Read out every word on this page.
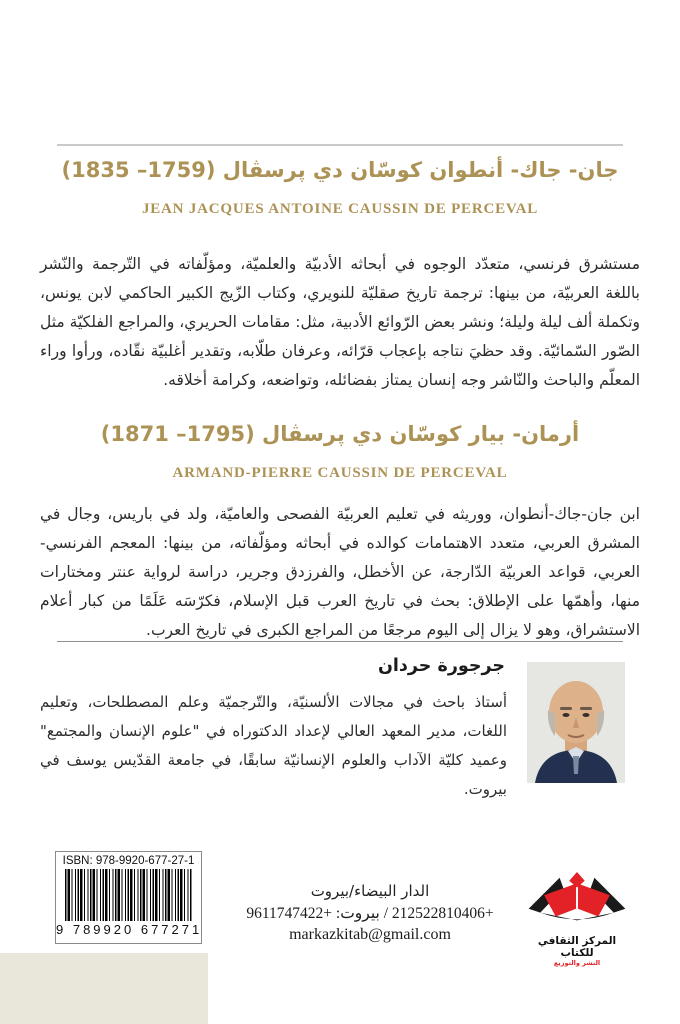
جان- جاك- أنطوان كوسّان دي پرسڤال (1759– 1835)
JEAN JACQUES ANTOINE CAUSSIN DE PERCEVAL
مستشرق فرنسي، متعدّد الوجوه في أبحاثه الأدبيّة والعلميّة، ومؤلّفاته في التّرجمة والنّشر باللغة العربيّة، من بينها: ترجمة تاريخ صقليّة للنويري، وكتاب الزّيج الكبير الحاكمي لابن يونس، وتكملة ألف ليلة وليلة؛ ونشر بعض الرّوائع الأدبية، مثل: مقامات الحريري، والمراجع الفلكيّة مثل الصّور السّمائيّة. وقد حظيَ نتاجه بإعجاب قرّائه، وعرفان طلّابه، وتقدير أغلبيّة نقّاده، ورأوا وراء المعلّم والباحث والنّاشر وجه إنسان يمتاز بفضائله، وتواضعه، وكرامة أخلاقه.
أرمان- بيار كوسّان دي پرسڤال (1795– 1871)
ARMAND-PIERRE CAUSSIN DE PERCEVAL
ابن جان-جاك-أنطوان، ووريثه في تعليم العربيّة الفصحى والعاميّة، ولد في باريس، وجال في المشرق العربي، متعدد الاهتمامات كوالده في أبحاثه ومؤلّفاته، من بينها: المعجم الفرنسي-العربي، قواعد العربيّة الدّارجة، عن الأخطل، والفرزدق وجرير، دراسة لرواية عنتر ومختارات منها، وأهمّها على الإطلاق: بحث في تاريخ العرب قبل الإسلام، فكرّسَه عَلَمًا من كبار أعلام الاستشراق، وهو لا يزال إلى اليوم مرجعًا من المراجع الكبرى في تاريخ العرب.
جرجورة حردان
أستاذ باحث في مجالات الألسنيّة، والتّرجميّة وعلم المصطلحات، وتعليم اللغات، مدير المعهد العالي لإعداد الدكتوراه في "علوم الإنسان والمجتمع" وعميد كليّة الآداب والعلوم الإنسانيّة سابقًا، في جامعة القدّيس يوسف في بيروت.
ISBN: 978-9920-677-27-1
9 789920 677271
الدار البيضاء/بيروت
+212522810406 / بيروت: +9611747422
markazkitab@gmail.com	المركز الثقافي للكتاب
النشر والتوزيع
